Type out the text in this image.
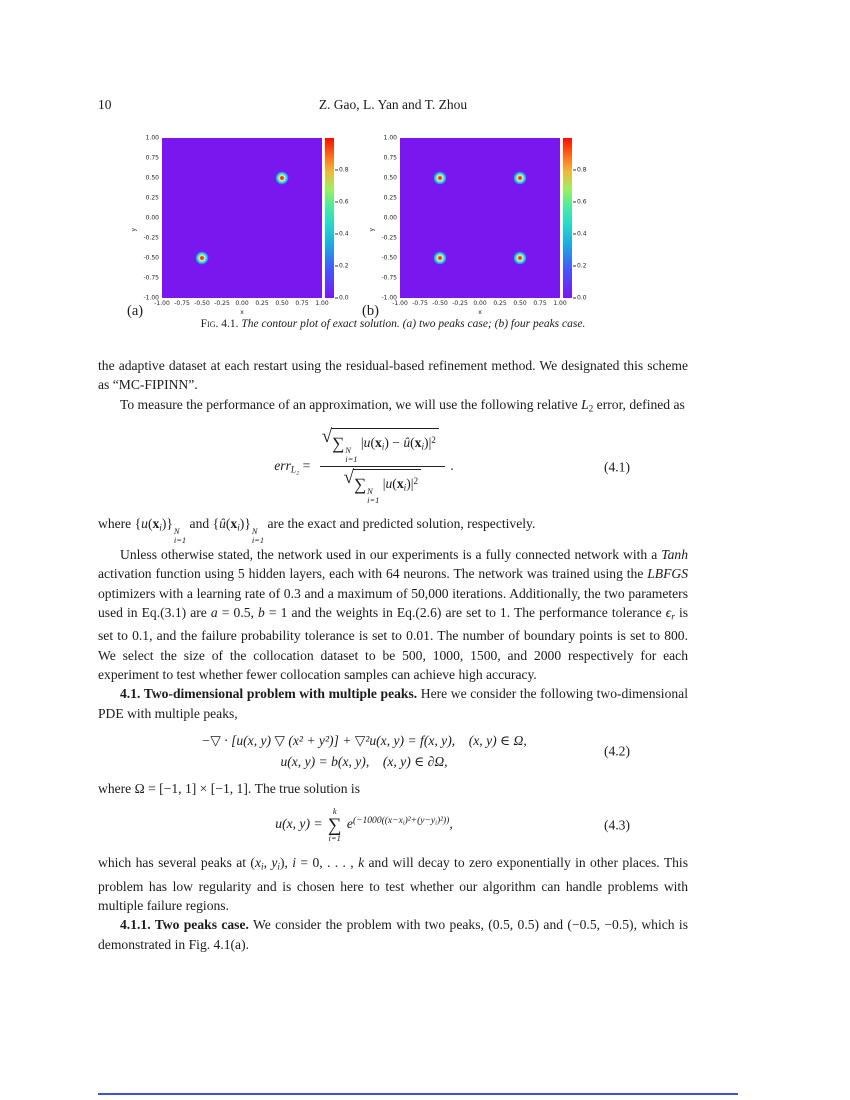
10	Z. Gao, L. Yan and T. Zhou
y
1.00
0.75
0.50
0.25
0.00
-0.25
-0.50
-0.75
-1.00
-1.00 -0.75 -0.50 -0.25 0.00 0.25 0.50 0.75 1.00
x
0.8
0.6
0.4
0.2
0.0
y
1.00
0.75
0.50
0.25
0.00
-0.25
-0.50
-0.75
-1.00
-1.00 -0.75 -0.50 -0.25 0.00 0.25 0.50 0.75 1.00
x
0.8
0.6
0.4
0.2
0.0
(a)	(b)
Fig. 4.1. The contour plot of exact solution. (a) two peaks case; (b) four peaks case.

the adaptive dataset at each restart using the residual-based refinement method. We designated this scheme as “MC-FIPINN”.

To measure the performance of an approximation, we will use the following relative $L_2$ error, defined as

err$_{L_2}$ = √ ∑ N
i=1
$|u(x_i)$ − $û(x_i)|^2$
√ ∑ N
i=1
$|u(x_i)|^2$ .	(4.1)

where $\{u(x_i)\}$
N
i=1
and $\{û(x_i)\}$
N
i=1
are the exact and predicted solution, respectively.

Unless otherwise stated, the network used in our experiments is a fully connected network with a Tanh activation function using 5 hidden layers, each with 64 neurons. The network was trained using the LBFGS optimizers with a learning rate of 0.3 and a maximum of 50,000 iterations. Additionally, the two parameters used in Eq.(3.1) are a = 0.5, b = 1 and the weights in Eq.(2.6) are set to 1. The performance tolerance $\epsilon_r$ is set to 0.1, and the failure probability tolerance is set to 0.01. The number of boundary points is set to 800. We select the size of the collocation dataset to be 500, 1000, 1500, and 2000 respectively for each experiment to test whether fewer collocation samples can achieve high accuracy.

4.1. Two-dimensional problem with multiple peaks. Here we consider the following two-dimensional PDE with multiple peaks,

−▽ · [u(x, y) ▽ (x² + y²)] + ▽²u(x, y) = f(x, y), (x, y) ∈ Ω,
u(x, y) = b(x, y), (x, y) ∈ ∂Ω,
(4.2)

where Ω = [−1, 1] × [−1, 1]. The true solution is

u(x, y) =
k
∑
i=1
$e^{(-1000((x-x_i)^2+(y-y_i)^2))}$,	(4.3)

which has several peaks at ($x_i$, $y_i$), i = 0, . . . , k and will decay to zero exponentially in other places. This problem has low regularity and is chosen here to test whether our algorithm can handle problems with multiple failure regions.

4.1.1. Two peaks case. We consider the problem with two peaks, (0.5, 0.5) and (−0.5, −0.5), which is demonstrated in Fig. 4.1(a).
